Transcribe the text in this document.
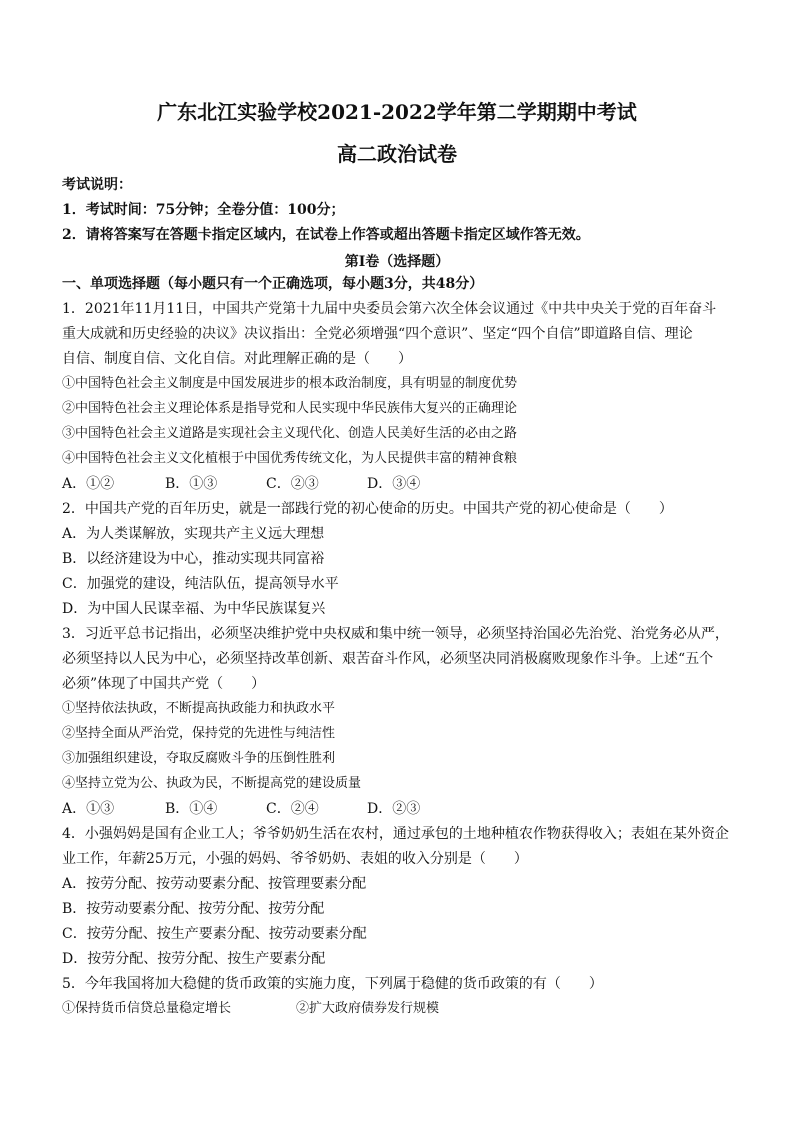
广东北江实验学校2021-2022学年第二学期期中考试
高二政治试卷
考试说明：
1．考试时间：75分钟；全卷分值：100分；
2．请将答案写在答题卡指定区域内，在试卷上作答或超出答题卡指定区域作答无效。
第Ⅰ卷（选择题）
一、单项选择题（每小题只有一个正确选项，每小题3分，共48分）
1．2021年11月11日，中国共产党第十九届中央委员会第六次全体会议通过《中共中央关于党的百年奋斗
重大成就和历史经验的决议》决议指出：全党必须增强“四个意识”、坚定“四个自信”即道路自信、理论
自信、制度自信、文化自信。对此理解正确的是（　　）
①中国特色社会主义制度是中国发展进步的根本政治制度，具有明显的制度优势
②中国特色社会主义理论体系是指导党和人民实现中华民族伟大复兴的正确理论
③中国特色社会主义道路是实现社会主义现代化、创造人民美好生活的必由之路
④中国特色社会主义文化植根于中国优秀传统文化，为人民提供丰富的精神食粮
A．①②	B．①③	C．②③	D．③④
2．中国共产党的百年历史，就是一部践行党的初心使命的历史。中国共产党的初心使命是（　　）
A．为人类谋解放，实现共产主义远大理想
B．以经济建设为中心，推动实现共同富裕
C．加强党的建设，纯洁队伍，提高领导水平
D．为中国人民谋幸福、为中华民族谋复兴
3．习近平总书记指出，必须坚决维护党中央权威和集中统一领导，必须坚持治国必先治党、治党务必从严，
必须坚持以人民为中心，必须坚持改革创新、艰苦奋斗作风，必须坚决同消极腐败现象作斗争。上述“五个
必须”体现了中国共产党（　　）
①坚持依法执政，不断提高执政能力和执政水平
②坚持全面从严治党，保持党的先进性与纯洁性
③加强组织建设，夺取反腐败斗争的压倒性胜利
④坚持立党为公、执政为民，不断提高党的建设质量
A．①③	B．①④	C．②④	D．②③
4．小强妈妈是国有企业工人；爷爷奶奶生活在农村，通过承包的土地种植农作物获得收入；表姐在某外资企
业工作，年薪25万元，小强的妈妈、爷爷奶奶、表姐的收入分别是（　　）
A．按劳分配、按劳动要素分配、按管理要素分配
B．按劳动要素分配、按劳分配、按劳分配
C．按劳分配、按生产要素分配、按劳动要素分配
D．按劳分配、按劳分配、按生产要素分配
5．今年我国将加大稳健的货币政策的实施力度，下列属于稳健的货币政策的有（　　）
①保持货币信贷总量稳定增长	②扩大政府债券发行规模
